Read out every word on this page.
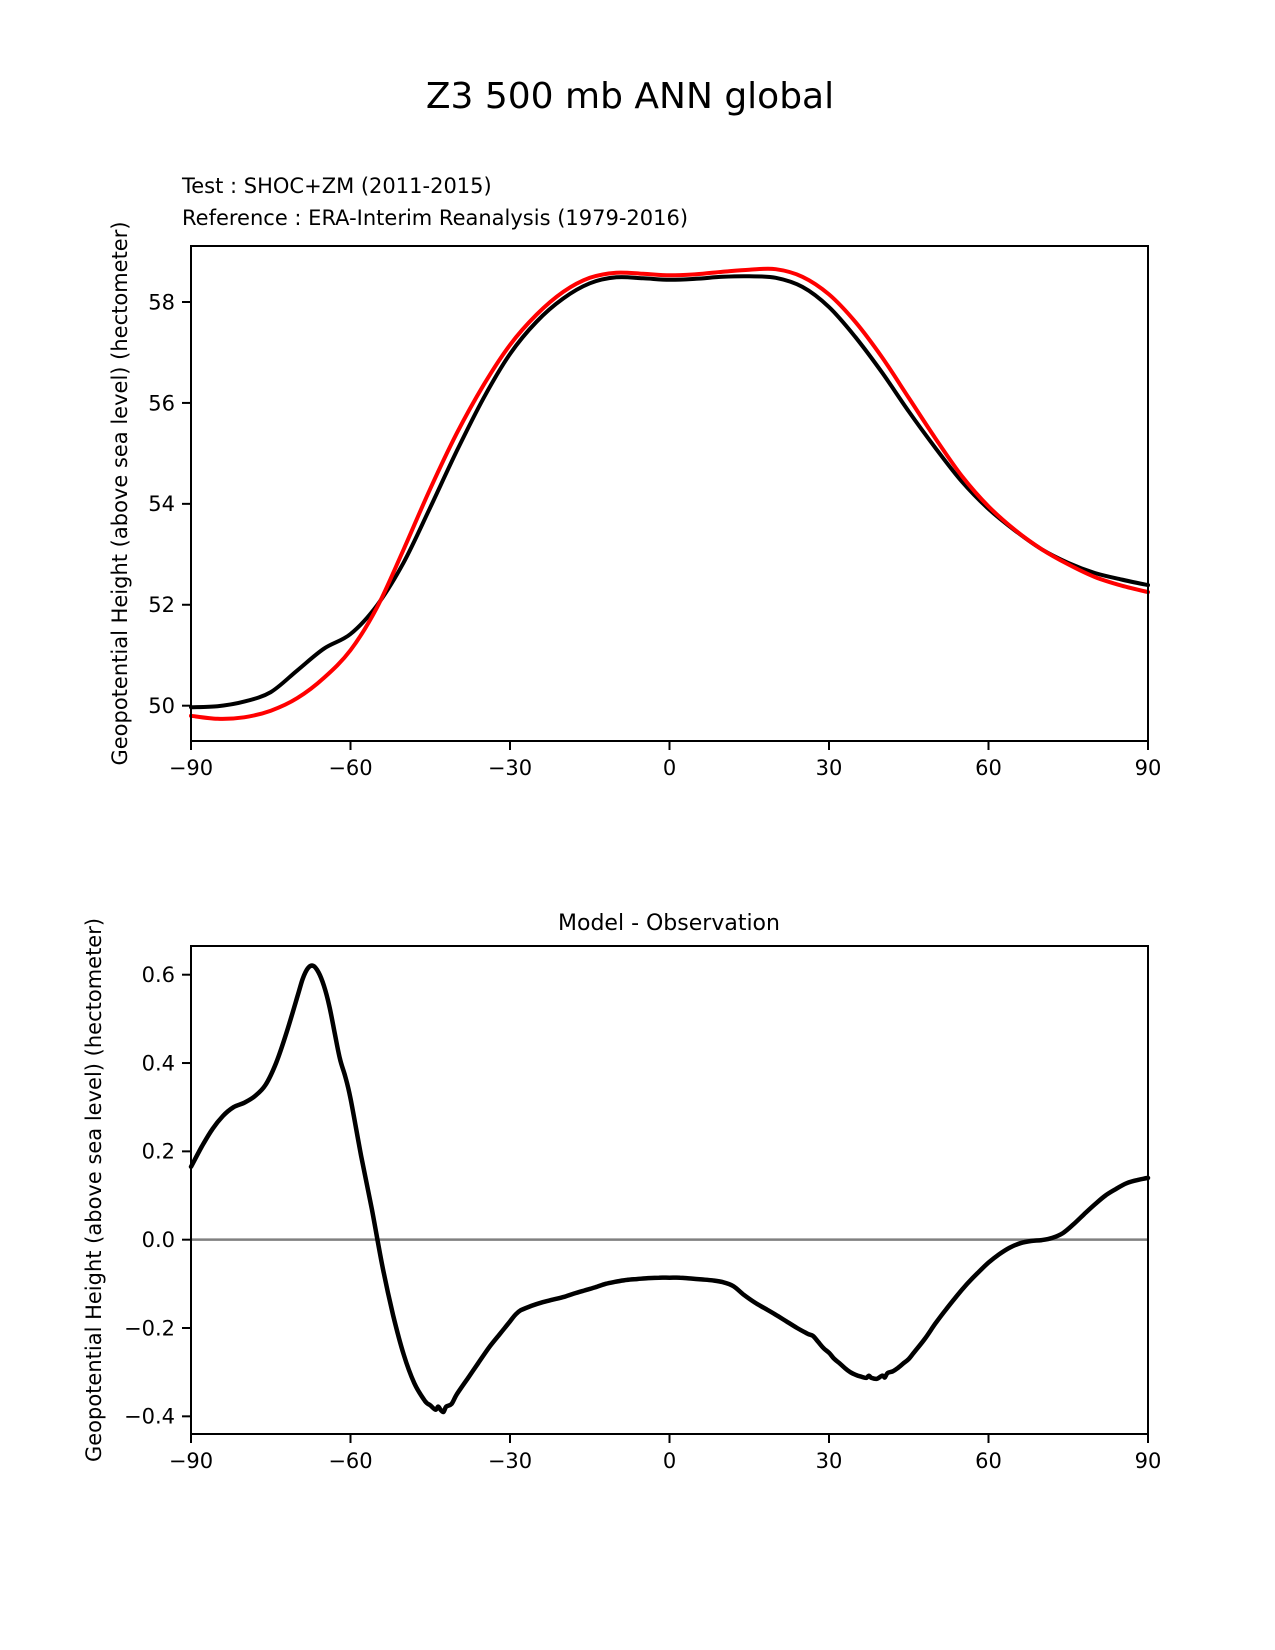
Z3 500 mb ANN global
Test : SHOC+ZM (2011-2015)
Reference : ERA-Interim Reanalysis (1979-2016)
Geopotential Height (above sea level) (hectometer)
−90	−60	−30	0	30	60	90
50
52
54
56
58
Model - Observation
Geopotential Height (above sea level) (hectometer)	−90	−60	−30	0	30	60	90
0.6
0.4
0.2
0.0
−0.2
−0.4
